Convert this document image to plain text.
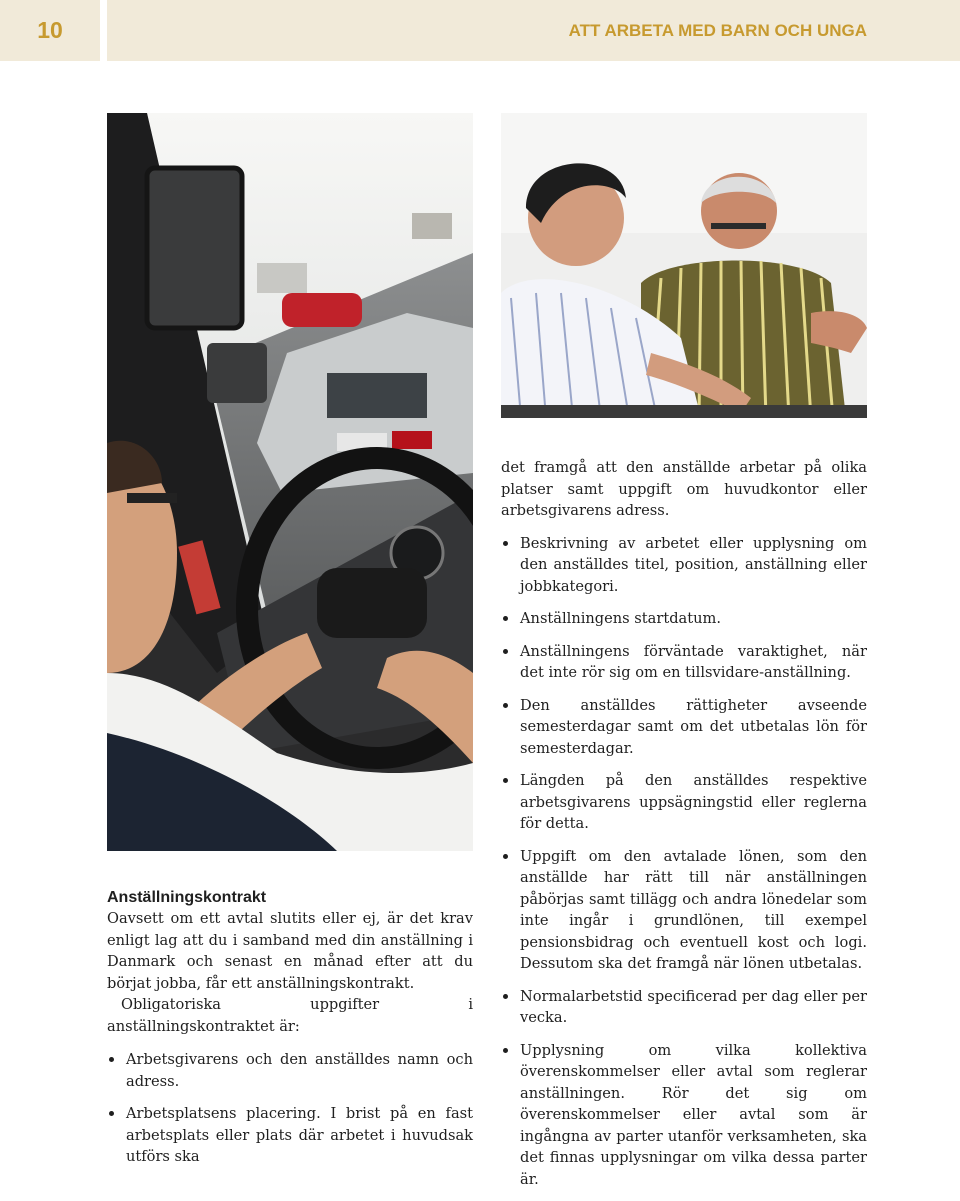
10	ATT ARBETA MED BARN OCH UNGA
Anställningskontrakt

Oavsett om ett avtal slutits eller ej, är det krav enligt lag att du i samband med din anställning i Danmark och senast en månad efter att du börjat jobba, får ett anställningskontrakt.

Obligatoriska uppgifter i anställningskontraktet är:

Arbetsgivarens och den anställdes namn och adress.
Arbetsplatsens placering. I brist på en fast arbetsplats eller plats där arbetet i huvudsak utförs ska

det framgå att den anställde arbetar på olika platser samt uppgift om huvudkontor eller arbetsgivarens adress.

Beskrivning av arbetet eller upplysning om den anställdes titel, position, anställning eller jobbkategori.
Anställningens startdatum.
Anställningens förväntade varaktighet, när det inte rör sig om en tillsvidare-anställning.
Den anställdes rättigheter avseende semesterdagar samt om det utbetalas lön för semesterdagar.
Längden på den anställdes respektive arbetsgivarens uppsägningstid eller reglerna för detta.
Uppgift om den avtalade lönen, som den anställde har rätt till när anställningen påbörjas samt tillägg och andra lönedelar som inte ingår i grundlönen, till exempel pensionsbidrag och eventuell kost och logi. Dessutom ska det framgå när lönen utbetalas.
Normalarbetstid specificerad per dag eller per vecka.
Upplysning om vilka kollektiva överenskommelser eller avtal som reglerar anställningen. Rör det sig om överenskommelser eller avtal som är ingångna av parter utanför verksamheten, ska det finnas upplysningar om vilka dessa parter är.
